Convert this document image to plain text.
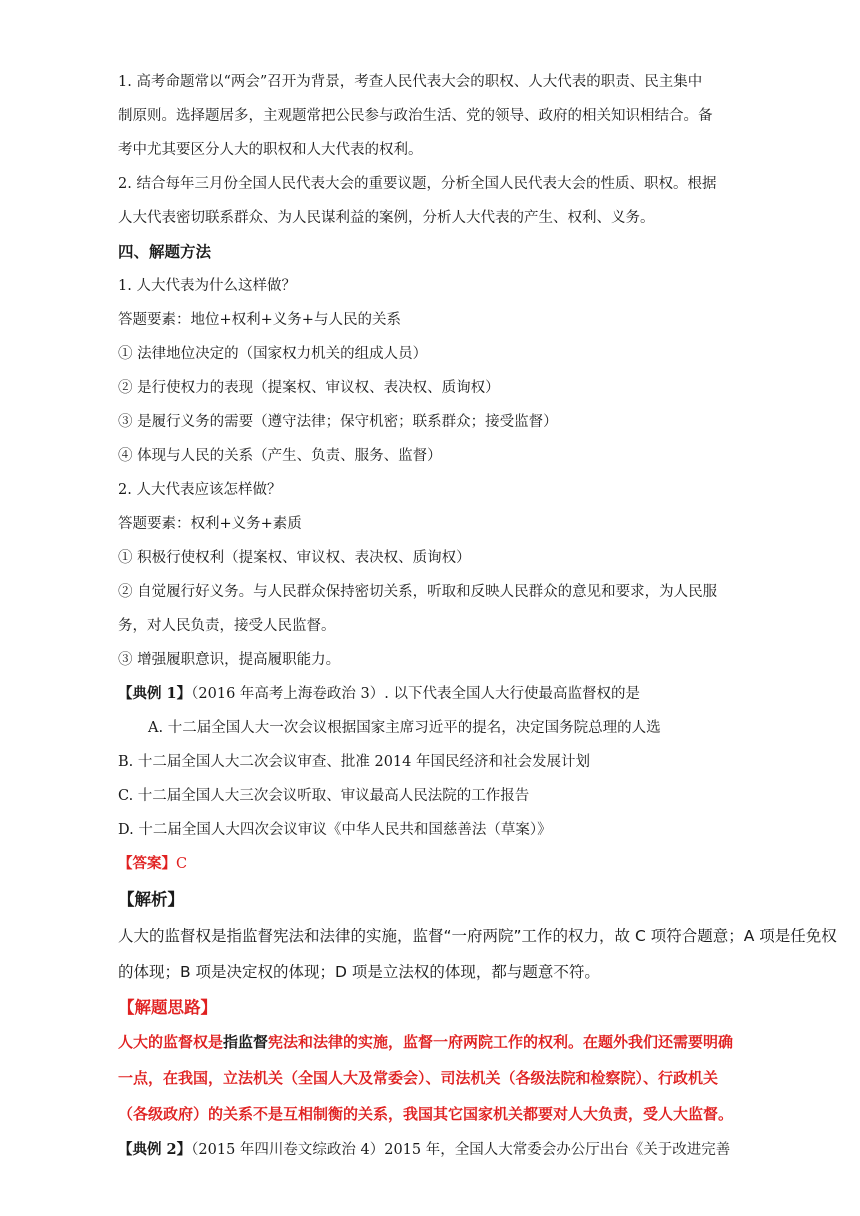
1. 高考命题常以“两会”召开为背景，考查人民代表大会的职权、人大代表的职责、民主集中
制原则。选择题居多，主观题常把公民参与政治生活、党的领导、政府的相关知识相结合。备
考中尤其要区分人大的职权和人大代表的权利。
2. 结合每年三月份全国人民代表大会的重要议题，分析全国人民代表大会的性质、职权。根据
人大代表密切联系群众、为人民谋利益的案例，分析人大代表的产生、权利、义务。
四、解题方法
1. 人大代表为什么这样做？
答题要素：地位+权利+义务+与人民的关系
① 法律地位决定的（国家权力机关的组成人员）
② 是行使权力的表现（提案权、审议权、表决权、质询权）
③ 是履行义务的需要（遵守法律；保守机密；联系群众；接受监督）
④ 体现与人民的关系（产生、负责、服务、监督）
2. 人大代表应该怎样做？
答题要素：权利+义务+素质
① 积极行使权利（提案权、审议权、表决权、质询权）
② 自觉履行好义务。与人民群众保持密切关系，听取和反映人民群众的意见和要求，为人民服
务，对人民负责，接受人民监督。
③ 增强履职意识，提高履职能力。
【典例 1】（2016 年高考上海卷政治 3）. 以下代表全国人大行使最高监督权的是
A. 十二届全国人大一次会议根据国家主席习近平的提名，决定国务院总理的人选
B. 十二届全国人大二次会议审查、批准 2014 年国民经济和社会发展计划
C. 十二届全国人大三次会议听取、审议最高人民法院的工作报告
D. 十二届全国人大四次会议审议《中华人民共和国慈善法（草案）》
【答案】C
【解析】
人大的监督权是指监督宪法和法律的实施，监督“一府两院”工作的权力，故 C 项符合题意；A 项是任免权
的体现；B 项是决定权的体现；D 项是立法权的体现，都与题意不符。
【解题思路】
人大的监督权是指监督宪法和法律的实施，监督一府两院工作的权利。在题外我们还需要明确
一点，在我国，立法机关（全国人大及常委会）、司法机关（各级法院和检察院）、行政机关
（各级政府）的关系不是互相制衡的关系，我国其它国家机关都要对人大负责，受人大监督。
【典例 2】（2015 年四川卷文综政治 4）2015 年，全国人大常委会办公厅出台《关于改进完善
